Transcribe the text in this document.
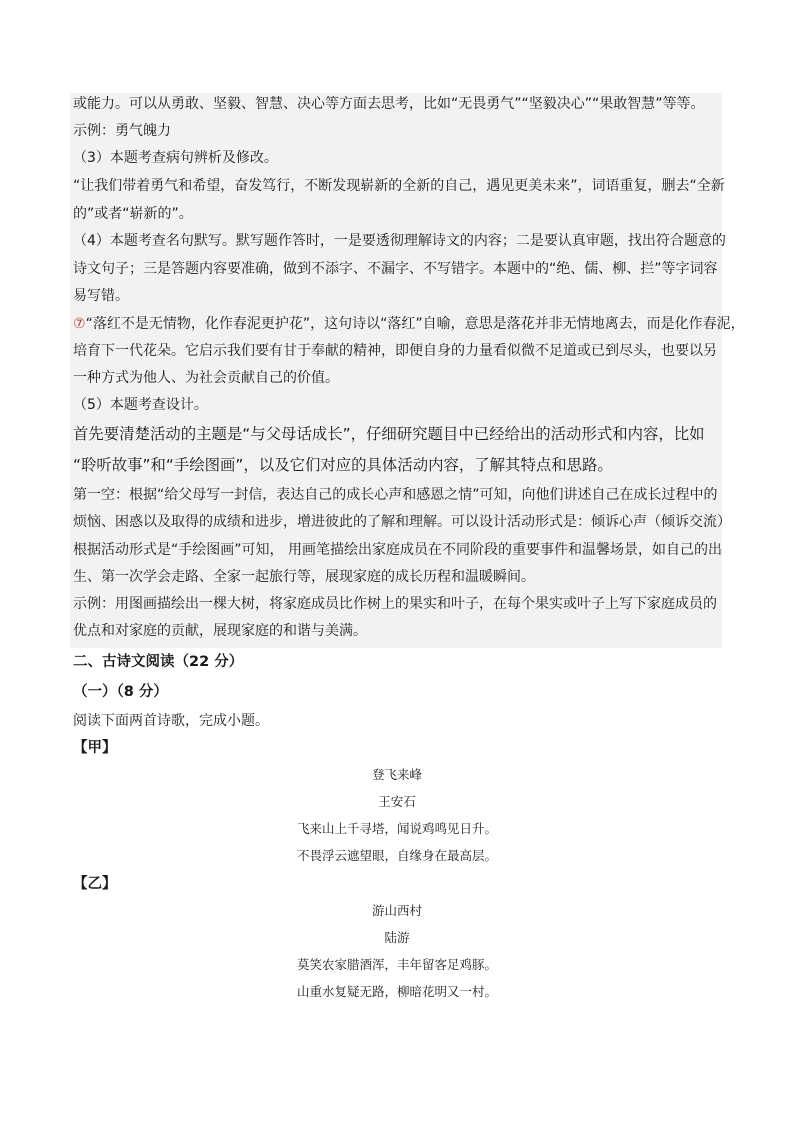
或能力。可以从勇敢、坚毅、智慧、决心等方面去思考，比如“无畏勇气”“坚毅决心”“果敢智慧”等等。
示例：勇气魄力
（3）本题考查病句辨析及修改。
“让我们带着勇气和希望，奋发笃行，不断发现崭新的全新的自己，遇见更美未来”，词语重复，删去“全新
的”或者“崭新的”。
（4）本题考查名句默写。默写题作答时，一是要透彻理解诗文的内容；二是要认真审题，找出符合题意的
诗文句子；三是答题内容要准确，做到不添字、不漏字、不写错字。本题中的“绝、儒、柳、拦”等字词容
易写错。
⑦“落红不是无情物，化作春泥更护花”，这句诗以“落红”自喻，意思是落花并非无情地离去，而是化作春泥，
培育下一代花朵。它启示我们要有甘于奉献的精神，即便自身的力量看似微不足道或已到尽头，也要以另
一种方式为他人、为社会贡献自己的价值。
（5）本题考查设计。
首先要清楚活动的主题是“与父母话成长”，仔细研究题目中已经给出的活动形式和内容，比如
“聆听故事”和“手绘图画”，以及它们对应的具体活动内容，了解其特点和思路。
第一空：根据“给父母写一封信，表达自己的成长心声和感恩之情”可知，向他们讲述自己在成长过程中的
烦恼、困惑以及取得的成绩和进步，增进彼此的了解和理解。可以设计活动形式是：倾诉心声（倾诉交流）
根据活动形式是“手绘图画”可知， 用画笔描绘出家庭成员在不同阶段的重要事件和温馨场景，如自己的出
生、第一次学会走路、全家一起旅行等，展现家庭的成长历程和温暖瞬间。
示例：用图画描绘出一棵大树，将家庭成员比作树上的果实和叶子，在每个果实或叶子上写下家庭成员的
优点和对家庭的贡献，展现家庭的和谐与美满。
二、古诗文阅读（22 分）
（一）（8 分）
阅读下面两首诗歌，完成小题。
【甲】
登飞来峰
王安石
飞来山上千寻塔，闻说鸡鸣见日升。
不畏浮云遮望眼，自缘身在最高层。
【乙】
游山西村
陆游
莫笑农家腊酒浑，丰年留客足鸡豚。
山重水复疑无路，柳暗花明又一村。
